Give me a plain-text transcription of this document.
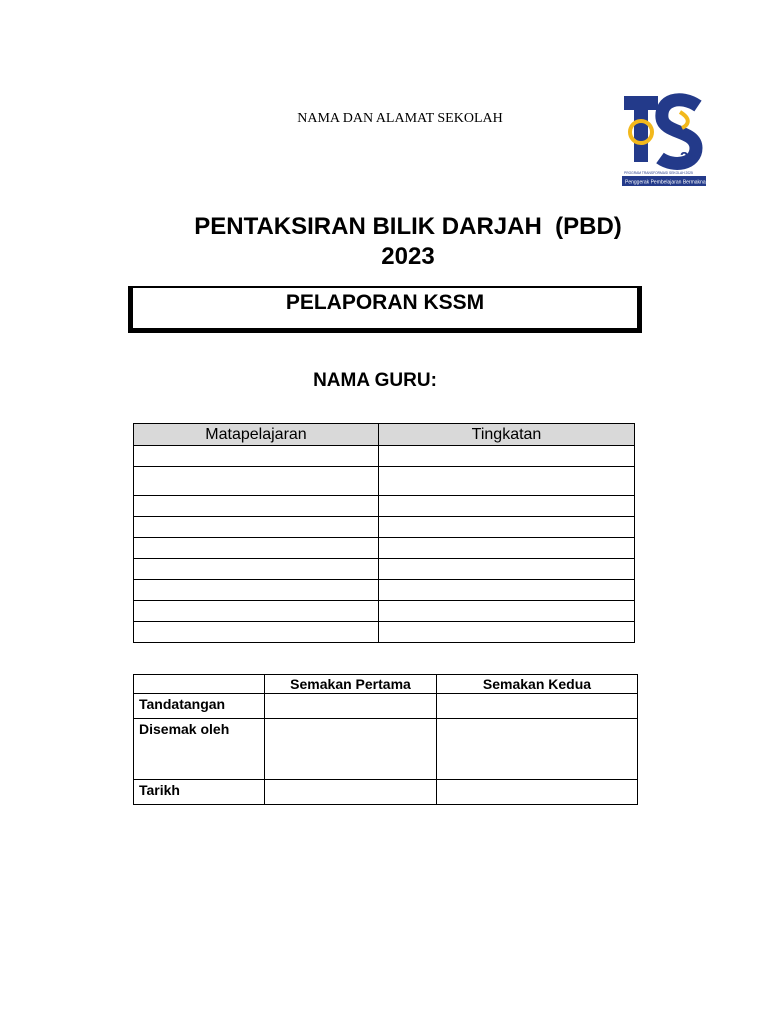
NAMA DAN ALAMAT SEKOLAH
25
PROGRAM TRANSFORMASI SEKOLAH 2025
Penggerak Pembelajaran Bermakna
PENTAKSIRAN BILIK DARJAH  (PBD)
2023
PELAPORAN KSSM
NAMA GURU:
Matapelajaran	Tingkatan

	Semakan Pertama	Semakan Kedua
Tandatangan		
Disemak oleh		
Tarikh		
